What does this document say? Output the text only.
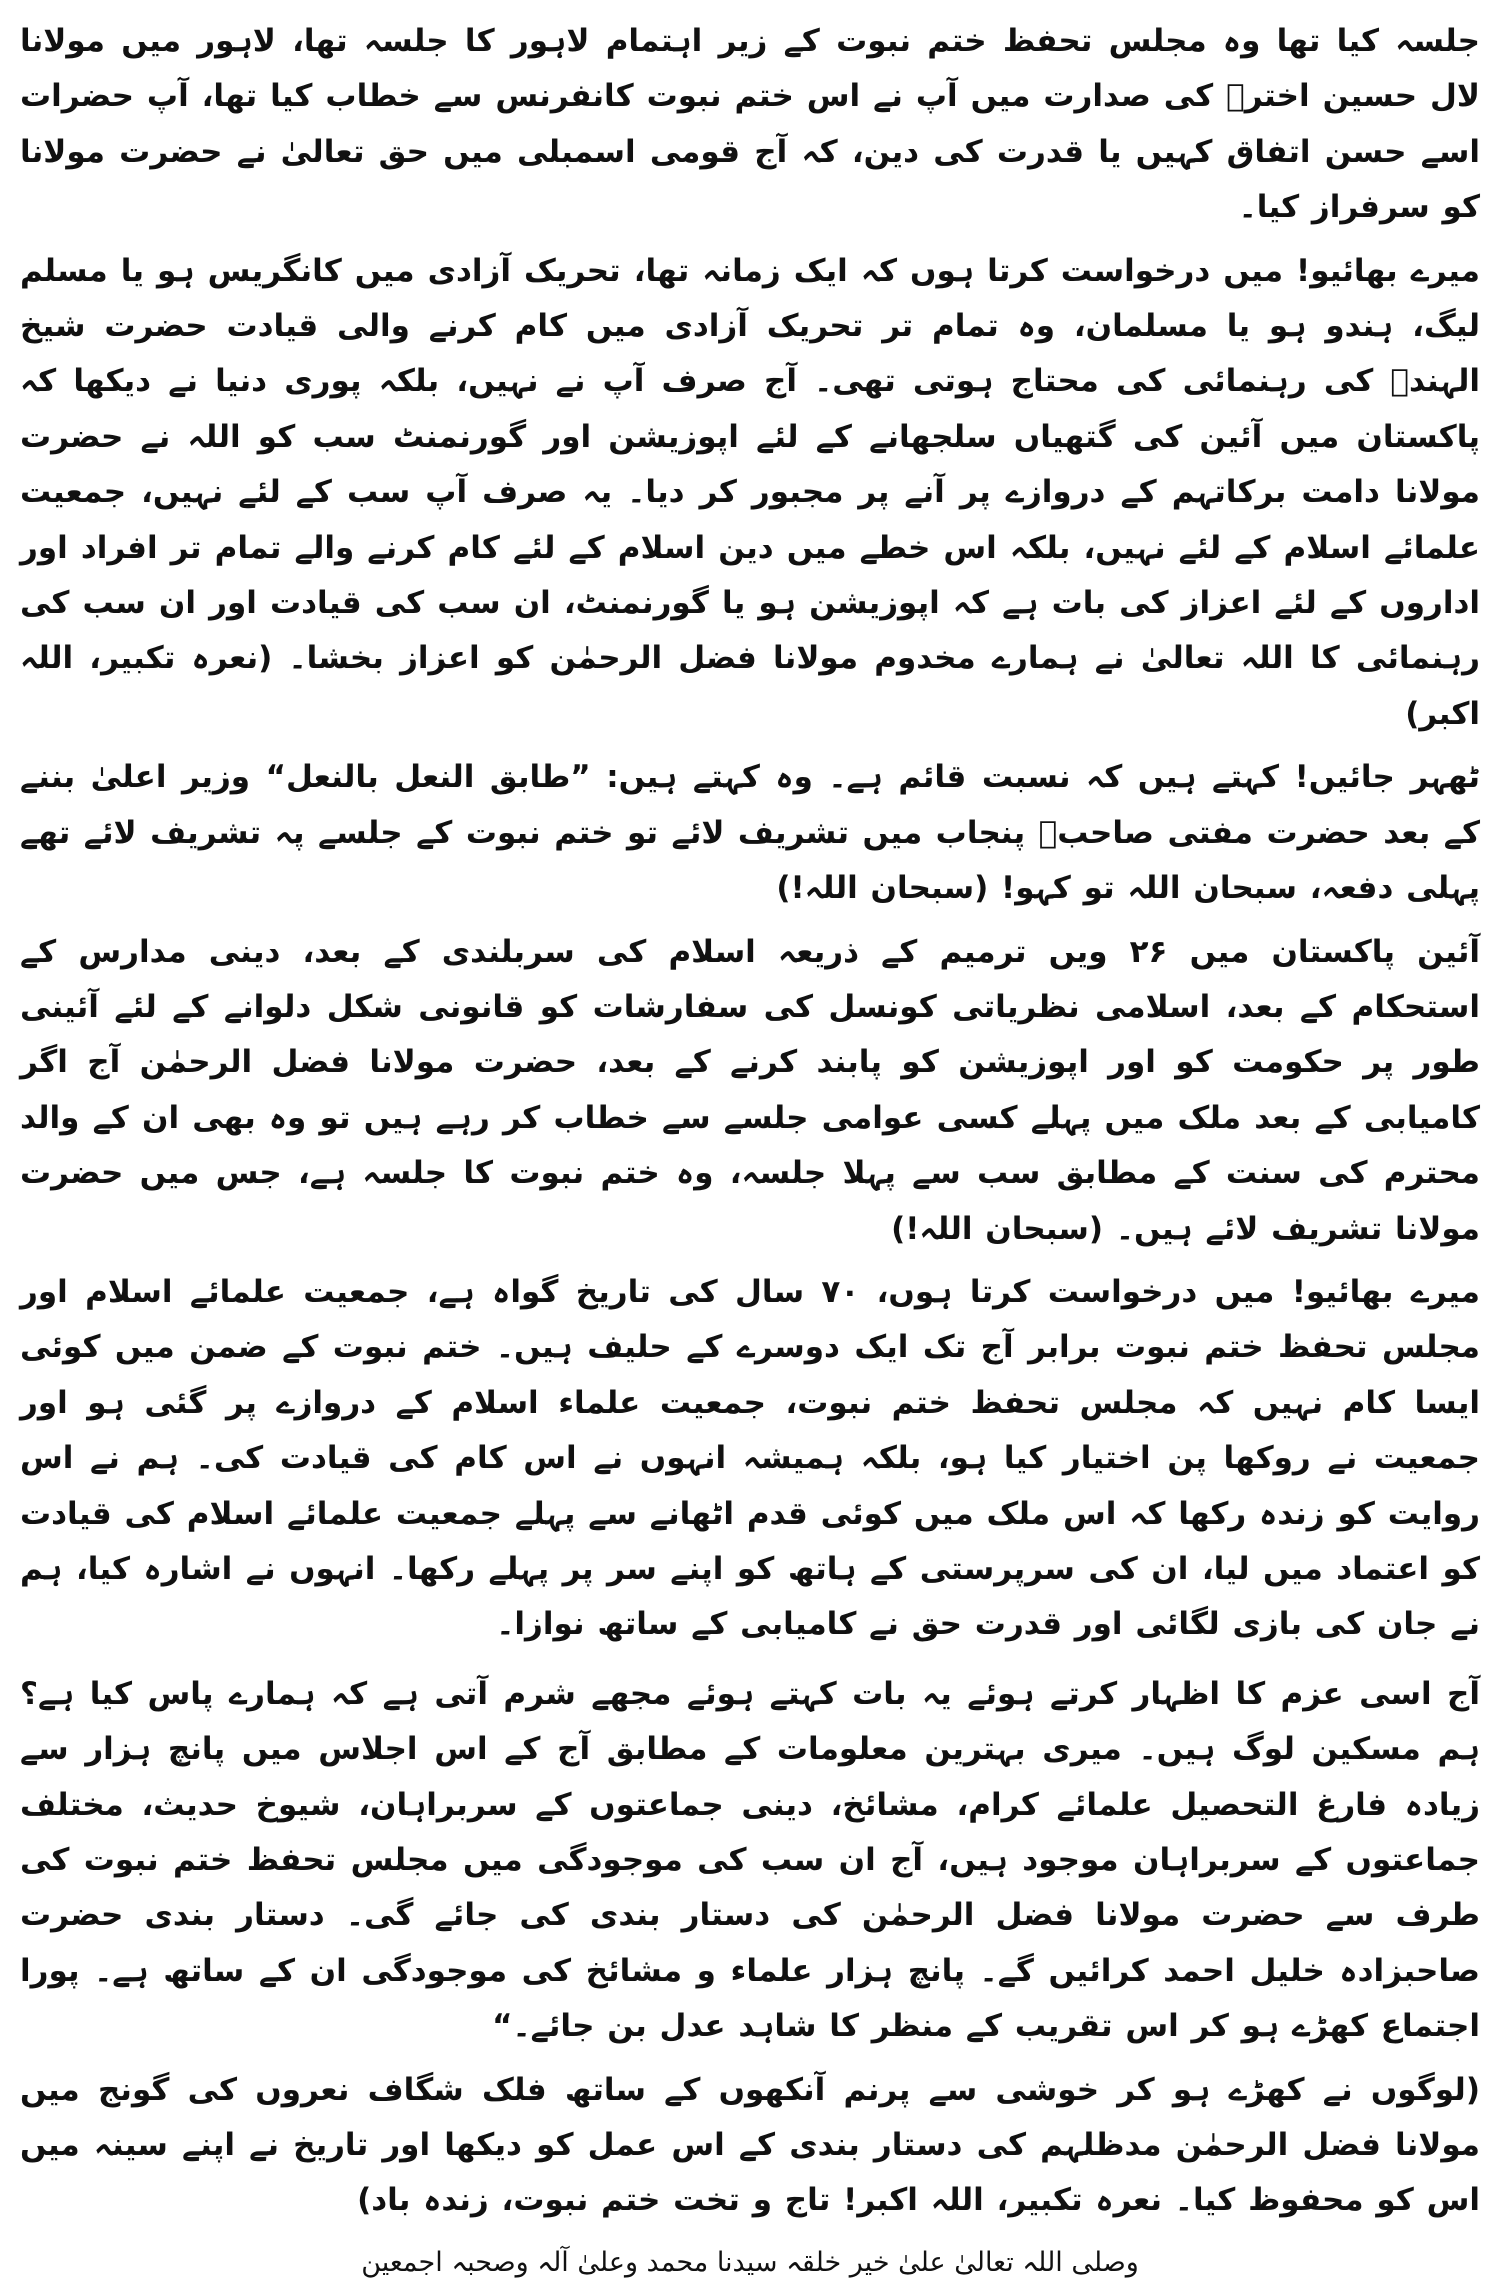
جلسہ کیا تھا وہ مجلس تحفظ ختم نبوت کے زیر اہتمام لاہور کا جلسہ تھا، لاہور میں مولانا لال حسین اخترؒ کی صدارت میں آپ نے اس ختم نبوت کانفرنس سے خطاب کیا تھا، آپ حضرات اسے حسن اتفاق کہیں یا قدرت کی دین، کہ آج قومی اسمبلی میں حق تعالیٰ نے حضرت مولانا کو سرفراز کیا۔

میرے بھائیو! میں درخواست کرتا ہوں کہ ایک زمانہ تھا، تحریک آزادی میں کانگریس ہو یا مسلم لیگ، ہندو ہو یا مسلمان، وہ تمام تر تحریک آزادی میں کام کرنے والی قیادت حضرت شیخ الہندؒ کی رہنمائی کی محتاج ہوتی تھی۔ آج صرف آپ نے نہیں، بلکہ پوری دنیا نے دیکھا کہ پاکستان میں آئین کی گتھیاں سلجھانے کے لئے اپوزیشن اور گورنمنٹ سب کو اللہ نے حضرت مولانا دامت برکاتہم کے دروازے پر آنے پر مجبور کر دیا۔ یہ صرف آپ سب کے لئے نہیں، جمعیت علمائے اسلام کے لئے نہیں، بلکہ اس خطے میں دین اسلام کے لئے کام کرنے والے تمام تر افراد اور اداروں کے لئے اعزاز کی بات ہے کہ اپوزیشن ہو یا گورنمنٹ، ان سب کی قیادت اور ان سب کی رہنمائی کا اللہ تعالیٰ نے ہمارے مخدوم مولانا فضل الرحمٰن کو اعزاز بخشا۔ (نعرہ تکبیر، اللہ اکبر)

ٹھہر جائیں! کہتے ہیں کہ نسبت قائم ہے۔ وہ کہتے ہیں: ”طابق النعل بالنعل“ وزیر اعلیٰ بننے کے بعد حضرت مفتی صاحبؒ پنجاب میں تشریف لائے تو ختم نبوت کے جلسے پہ تشریف لائے تھے پہلی دفعہ، سبحان اللہ تو کہو! (سبحان اللہ!)

آئین پاکستان میں ۲۶ ویں ترمیم کے ذریعہ اسلام کی سربلندی کے بعد، دینی مدارس کے استحکام کے بعد، اسلامی نظریاتی کونسل کی سفارشات کو قانونی شکل دلوانے کے لئے آئینی طور پر حکومت کو اور اپوزیشن کو پابند کرنے کے بعد، حضرت مولانا فضل الرحمٰن آج اگر کامیابی کے بعد ملک میں پہلے کسی عوامی جلسے سے خطاب کر رہے ہیں تو وہ بھی ان کے والد محترم کی سنت کے مطابق سب سے پہلا جلسہ، وہ ختم نبوت کا جلسہ ہے، جس میں حضرت مولانا تشریف لائے ہیں۔ (سبحان اللہ!)

میرے بھائیو! میں درخواست کرتا ہوں، ۷۰ سال کی تاریخ گواہ ہے، جمعیت علمائے اسلام اور مجلس تحفظ ختم نبوت برابر آج تک ایک دوسرے کے حلیف ہیں۔ ختم نبوت کے ضمن میں کوئی ایسا کام نہیں کہ مجلس تحفظ ختم نبوت، جمعیت علماء اسلام کے دروازے پر گئی ہو اور جمعیت نے روکھا پن اختیار کیا ہو، بلکہ ہمیشہ انہوں نے اس کام کی قیادت کی۔ ہم نے اس روایت کو زندہ رکھا کہ اس ملک میں کوئی قدم اٹھانے سے پہلے جمعیت علمائے اسلام کی قیادت کو اعتماد میں لیا، ان کی سرپرستی کے ہاتھ کو اپنے سر پر پہلے رکھا۔ انہوں نے اشارہ کیا، ہم نے جان کی بازی لگائی اور قدرت حق نے کامیابی کے ساتھ نوازا۔

آج اسی عزم کا اظہار کرتے ہوئے یہ بات کہتے ہوئے مجھے شرم آتی ہے کہ ہمارے پاس کیا ہے؟ ہم مسکین لوگ ہیں۔ میری بہترین معلومات کے مطابق آج کے اس اجلاس میں پانچ ہزار سے زیادہ فارغ التحصیل علمائے کرام، مشائخ، دینی جماعتوں کے سربراہان، شیوخ حدیث، مختلف جماعتوں کے سربراہان موجود ہیں، آج ان سب کی موجودگی میں مجلس تحفظ ختم نبوت کی طرف سے حضرت مولانا فضل الرحمٰن کی دستار بندی کی جائے گی۔ دستار بندی حضرت صاحبزادہ خلیل احمد کرائیں گے۔ پانچ ہزار علماء و مشائخ کی موجودگی ان کے ساتھ ہے۔ پورا اجتماع کھڑے ہو کر اس تقریب کے منظر کا شاہد عدل بن جائے۔“

(لوگوں نے کھڑے ہو کر خوشی سے پرنم آنکھوں کے ساتھ فلک شگاف نعروں کی گونج میں مولانا فضل الرحمٰن مدظلہم کی دستار بندی کے اس عمل کو دیکھا اور تاریخ نے اپنے سینہ میں اس کو محفوظ کیا۔ نعرہ تکبیر، اللہ اکبر! تاج و تخت ختم نبوت، زندہ باد)

وصلی اللہ تعالیٰ علیٰ خیر خلقہ سیدنا محمد وعلیٰ آلہ وصحبہ اجمعین
